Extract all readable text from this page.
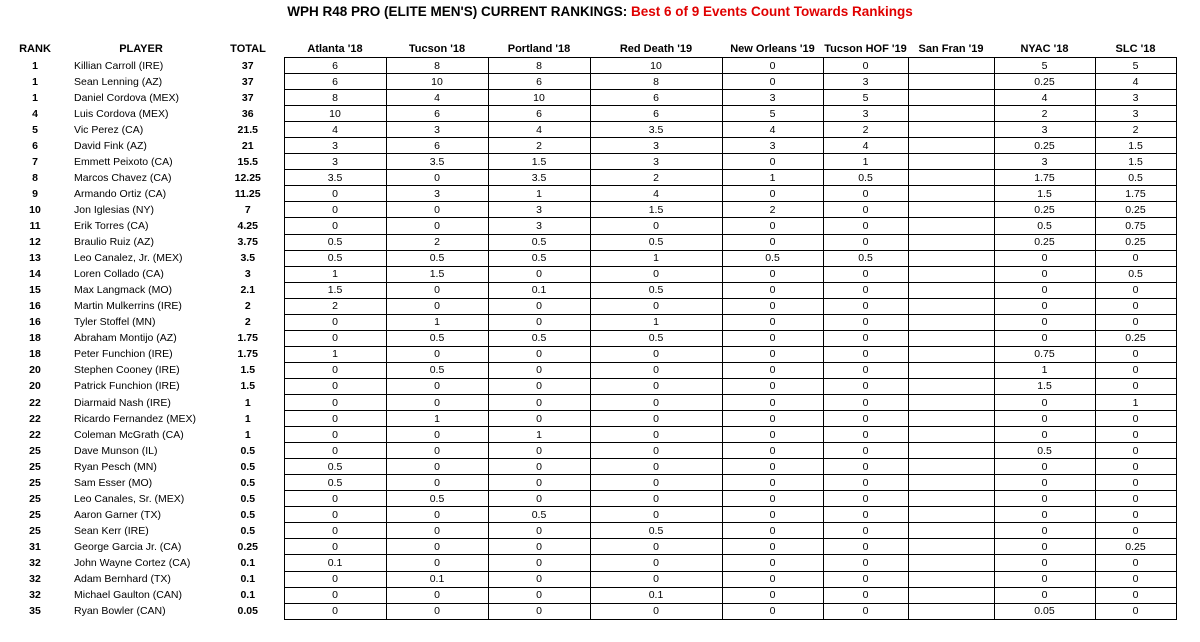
WPH R48 PRO (ELITE MEN'S) CURRENT RANKINGS: Best 6 of 9 Events Count Towards Rankings
RANK	PLAYER	TOTAL	Atlanta '18	Tucson '18	Portland '18	Red Death '19	New Orleans '19	Tucson HOF '19	San Fran '19	NYAC '18	SLC '18
1	Killian Carroll (IRE)	37	6	8	8	10	0	0		5	5
1	Sean Lenning (AZ)	37	6	10	6	8	0	3		0.25	4
1	Daniel Cordova (MEX)	37	8	4	10	6	3	5		4	3
4	Luis Cordova (MEX)	36	10	6	6	6	5	3		2	3
5	Vic Perez (CA)	21.5	4	3	4	3.5	4	2		3	2
6	David Fink (AZ)	21	3	6	2	3	3	4		0.25	1.5
7	Emmett Peixoto (CA)	15.5	3	3.5	1.5	3	0	1		3	1.5
8	Marcos Chavez (CA)	12.25	3.5	0	3.5	2	1	0.5		1.75	0.5
9	Armando Ortiz (CA)	11.25	0	3	1	4	0	0		1.5	1.75
10	Jon Iglesias (NY)	7	0	0	3	1.5	2	0		0.25	0.25
11	Erik Torres (CA)	4.25	0	0	3	0	0	0		0.5	0.75
12	Braulio Ruiz (AZ)	3.75	0.5	2	0.5	0.5	0	0		0.25	0.25
13	Leo Canalez, Jr. (MEX)	3.5	0.5	0.5	0.5	1	0.5	0.5		0	0
14	Loren Collado (CA)	3	1	1.5	0	0	0	0		0	0.5
15	Max Langmack (MO)	2.1	1.5	0	0.1	0.5	0	0		0	0
16	Martin Mulkerrins (IRE)	2	2	0	0	0	0	0		0	0
16	Tyler Stoffel (MN)	2	0	1	0	1	0	0		0	0
18	Abraham Montijo (AZ)	1.75	0	0.5	0.5	0.5	0	0		0	0.25
18	Peter Funchion (IRE)	1.75	1	0	0	0	0	0		0.75	0
20	Stephen Cooney (IRE)	1.5	0	0.5	0	0	0	0		1	0
20	Patrick Funchion (IRE)	1.5	0	0	0	0	0	0		1.5	0
22	Diarmaid Nash (IRE)	1	0	0	0	0	0	0		0	1
22	Ricardo Fernandez (MEX)	1	0	1	0	0	0	0		0	0
22	Coleman McGrath (CA)	1	0	0	1	0	0	0		0	0
25	Dave Munson (IL)	0.5	0	0	0	0	0	0		0.5	0
25	Ryan Pesch (MN)	0.5	0.5	0	0	0	0	0		0	0
25	Sam Esser (MO)	0.5	0.5	0	0	0	0	0		0	0
25	Leo Canales, Sr. (MEX)	0.5	0	0.5	0	0	0	0		0	0
25	Aaron Garner (TX)	0.5	0	0	0.5	0	0	0		0	0
25	Sean Kerr (IRE)	0.5	0	0	0	0.5	0	0		0	0
31	George Garcia Jr. (CA)	0.25	0	0	0	0	0	0		0	0.25
32	John Wayne Cortez (CA)	0.1	0.1	0	0	0	0	0		0	0
32	Adam Bernhard (TX)	0.1	0	0.1	0	0	0	0		0	0
32	Michael Gaulton (CAN)	0.1	0	0	0	0.1	0	0		0	0
35	Ryan Bowler (CAN)	0.05	0	0	0	0	0	0		0.05	0
